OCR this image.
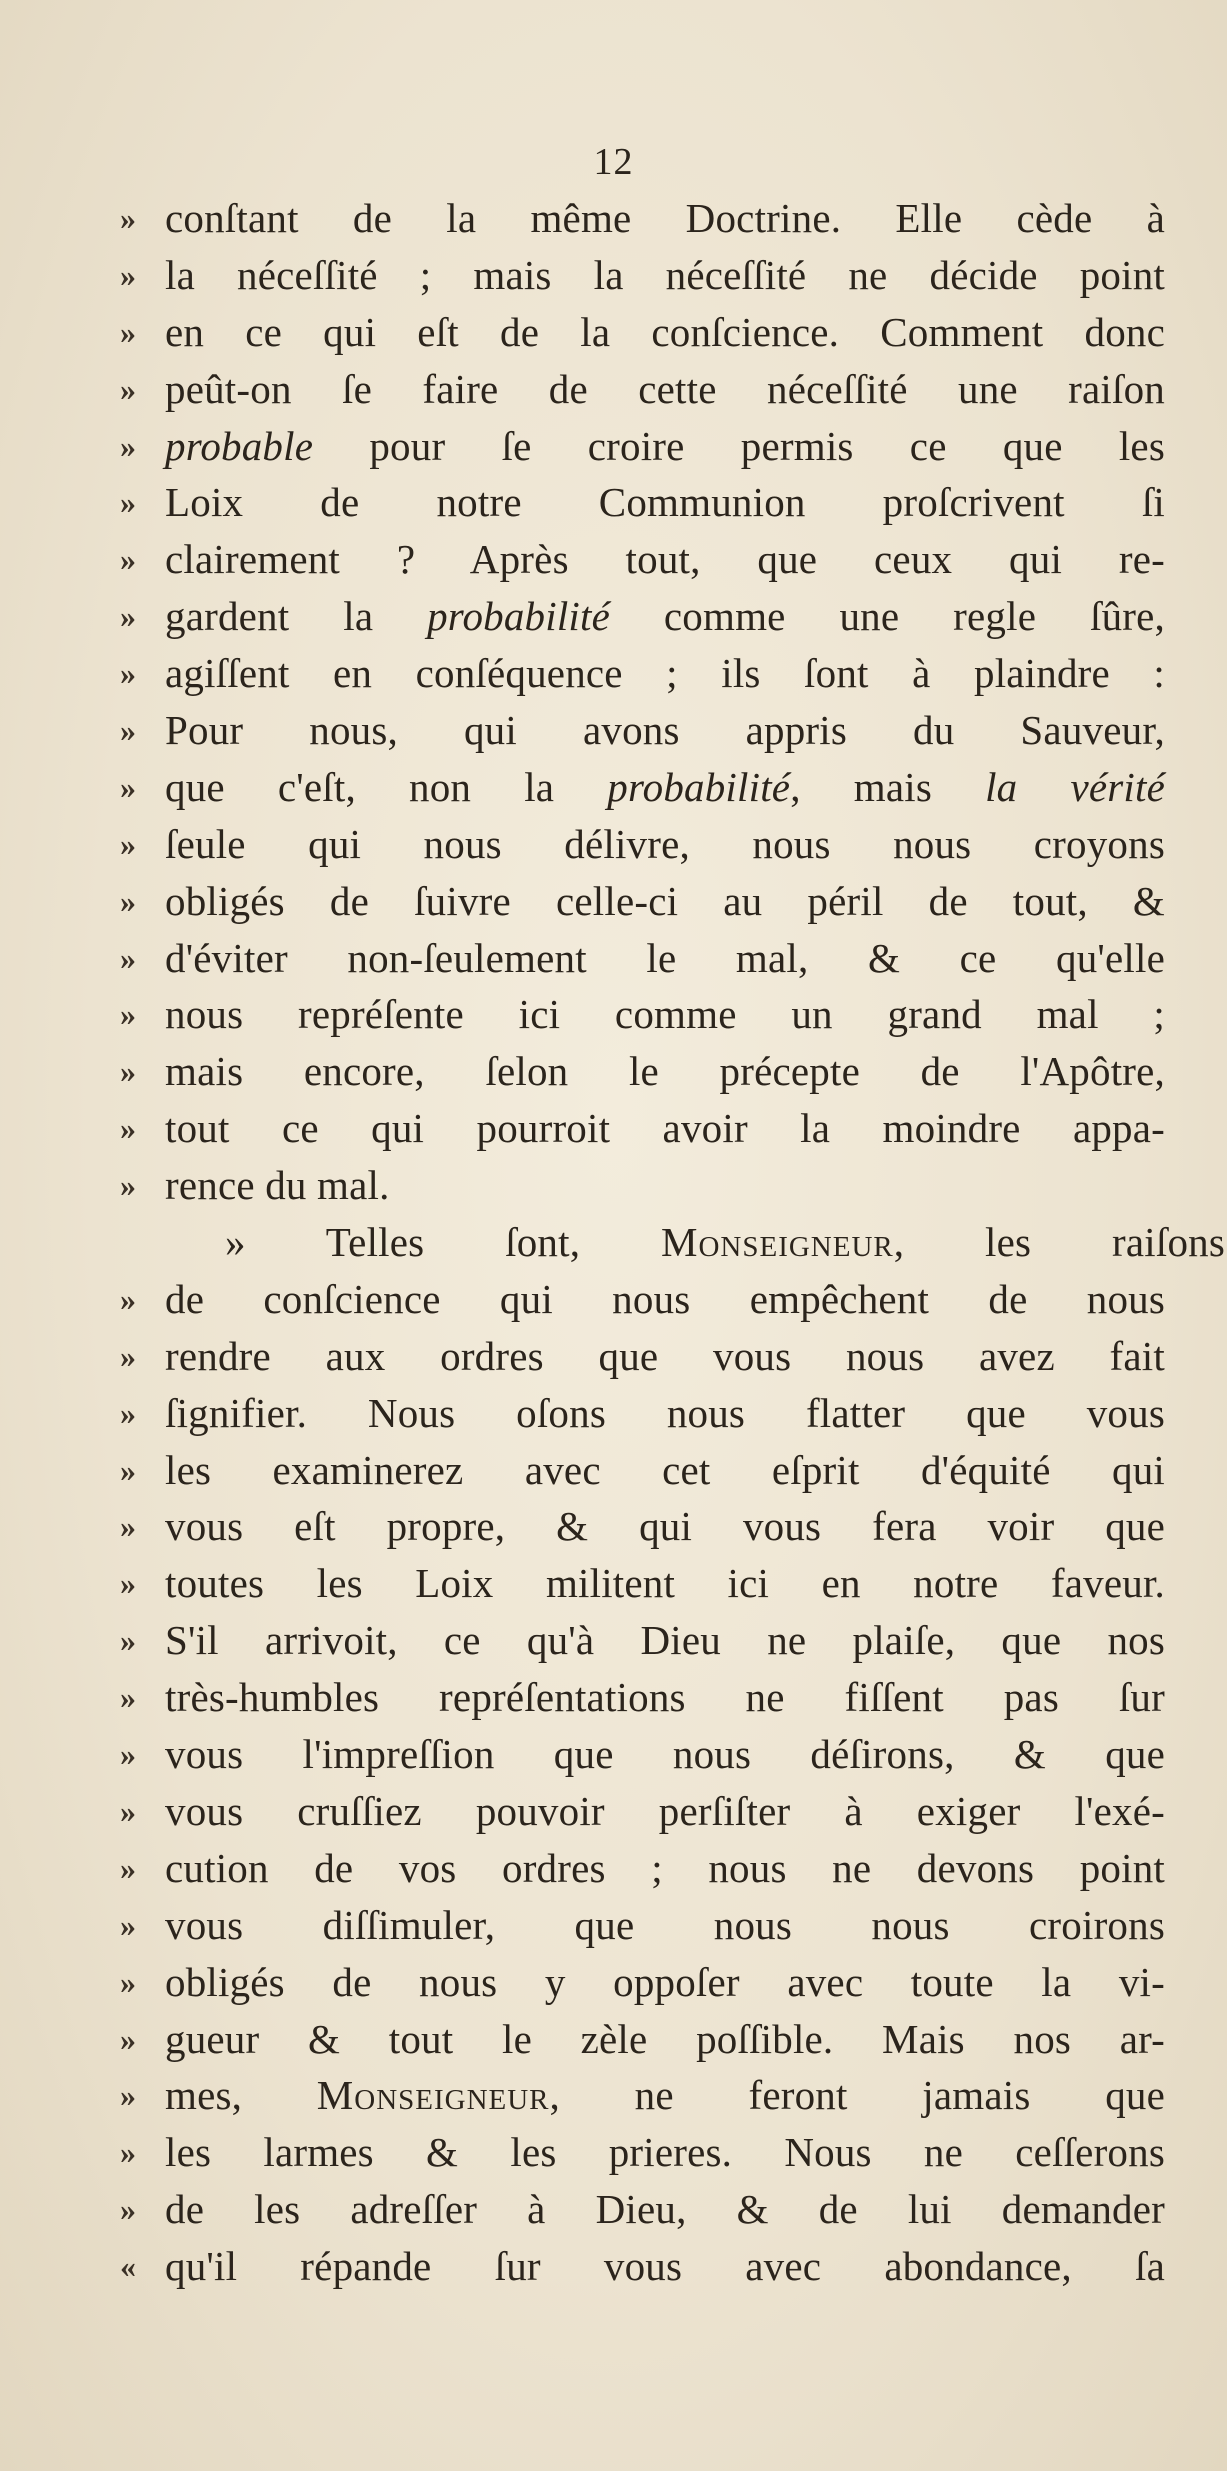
12
» conſtant de la même Doctrine. Elle cède à
» la néceſſité ; mais la néceſſité ne décide point
» en ce qui eſt de la conſcience. Comment donc
» peût-on ſe faire de cette néceſſité une raiſon
» probable pour ſe croire permis ce que les
» Loix de notre Communion proſcrivent ſi
» clairement ? Après tout, que ceux qui re-
» gardent la probabilité comme une regle ſûre,
» agiſſent en conſéquence ; ils ſont à plaindre :
» Pour nous, qui avons appris du Sauveur,
» que c'eſt, non la probabilité, mais la vérité
» ſeule qui nous délivre, nous nous croyons
» obligés de ſuivre celle-ci au péril de tout, &
» d'éviter non-ſeulement le mal, & ce qu'elle
» nous repréſente ici comme un grand mal ;
» mais encore, ſelon le précepte de l'Apôtre,
» tout ce qui pourroit avoir la moindre appa-
» rence du mal.
» Telles ſont, Monseigneur, les raiſons
» de conſcience qui nous empêchent de nous
» rendre aux ordres que vous nous avez fait
» ſignifier. Nous oſons nous flatter que vous
» les examinerez avec cet eſprit d'équité qui
» vous eſt propre, & qui vous fera voir que
» toutes les Loix militent ici en notre faveur.
» S'il arrivoit, ce qu'à Dieu ne plaiſe, que nos
» très-humbles repréſentations ne fiſſent pas ſur
» vous l'impreſſion que nous déſirons, & que
» vous cruſſiez pouvoir perſiſter à exiger l'exé-
» cution de vos ordres ; nous ne devons point
» vous diſſimuler, que nous nous croirons
» obligés de nous y oppoſer avec toute la vi-
» gueur & tout le zèle poſſible. Mais nos ar-
» mes, Monseigneur, ne feront jamais que
» les larmes & les prieres. Nous ne ceſſerons
» de les adreſſer à Dieu, & de lui demander
« qu'il répande ſur vous avec abondance, ſa
